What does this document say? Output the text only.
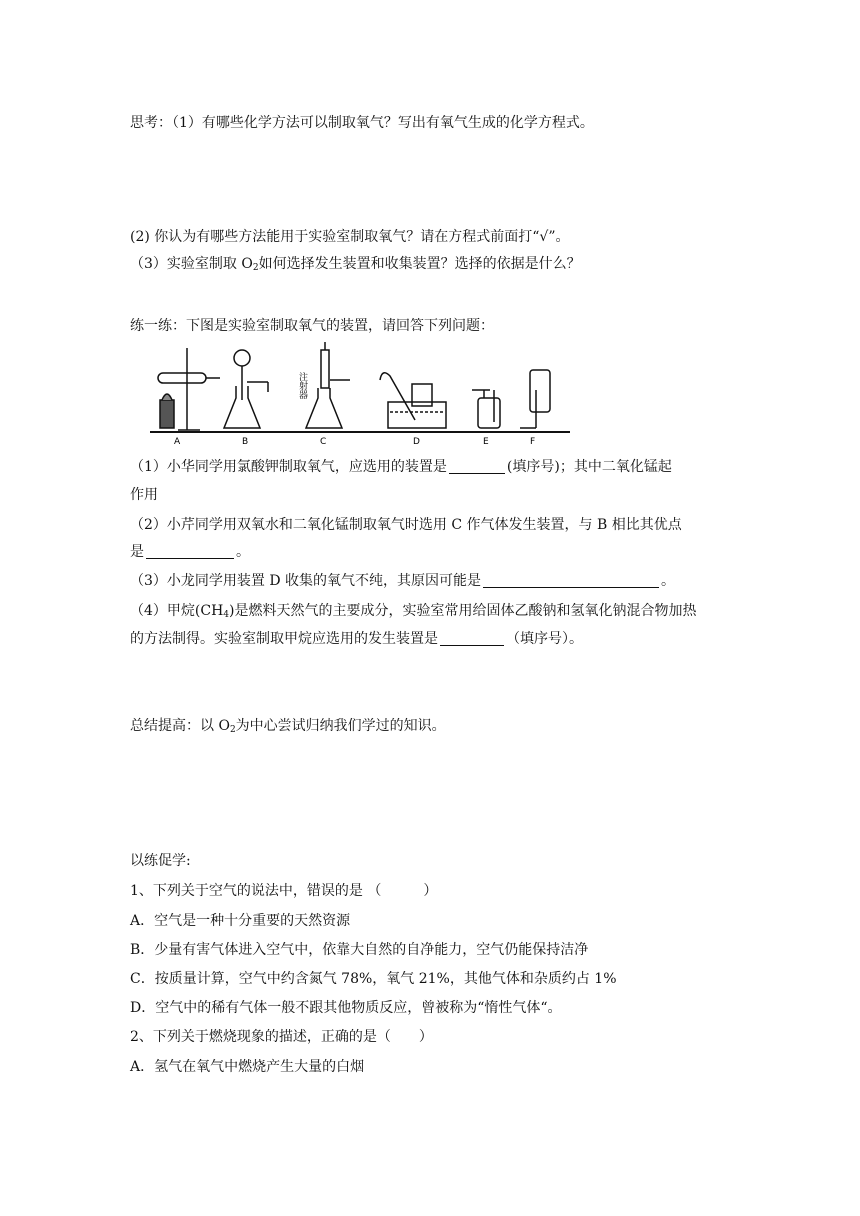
思考：（1）有哪些化学方法可以制取氧气？写出有氧气生成的化学方程式。
(2) 你认为有哪些方法能用于实验室制取氧气？请在方程式前面打“√”。
（3）实验室制取 $O_2$如何选择发生装置和收集装置？选择的依据是什么？
练一练：下图是实验室制取氧气的装置，请回答下列问题：
注射器
A	B	C	D	E	F
（1）小华同学用氯酸钾制取氧气，应选用的装置是	(填序号)；其中二氧化锰起
作用
（2）小芹同学用双氧水和二氧化锰制取氧气时选用 C 作气体发生装置，与 B 相比其优点
是	。
（3）小龙同学用装置 D 收集的氧气不纯，其原因可能是	。
（4）甲烷$(CH_4)$是燃料天然气的主要成分，实验室常用给固体乙酸钠和氢氧化钠混合物加热
的方法制得。实验室制取甲烷应选用的发生装置是	（填序号）。
总结提高：以 $O_2$为中心尝试归纳我们学过的知识。
以练促学:
1、下列关于空气的说法中，错误的是 （　　　）
A．空气是一种十分重要的天然资源
B．少量有害气体进入空气中，依靠大自然的自净能力，空气仍能保持洁净
C．按质量计算，空气中约含氮气 78%，氧气 21%，其他气体和杂质约占 1%
D．空气中的稀有气体一般不跟其他物质反应，曾被称为“惰性气体“。
2、下列关于燃烧现象的描述，正确的是（　　）
A．氢气在氧气中燃烧产生大量的白烟
